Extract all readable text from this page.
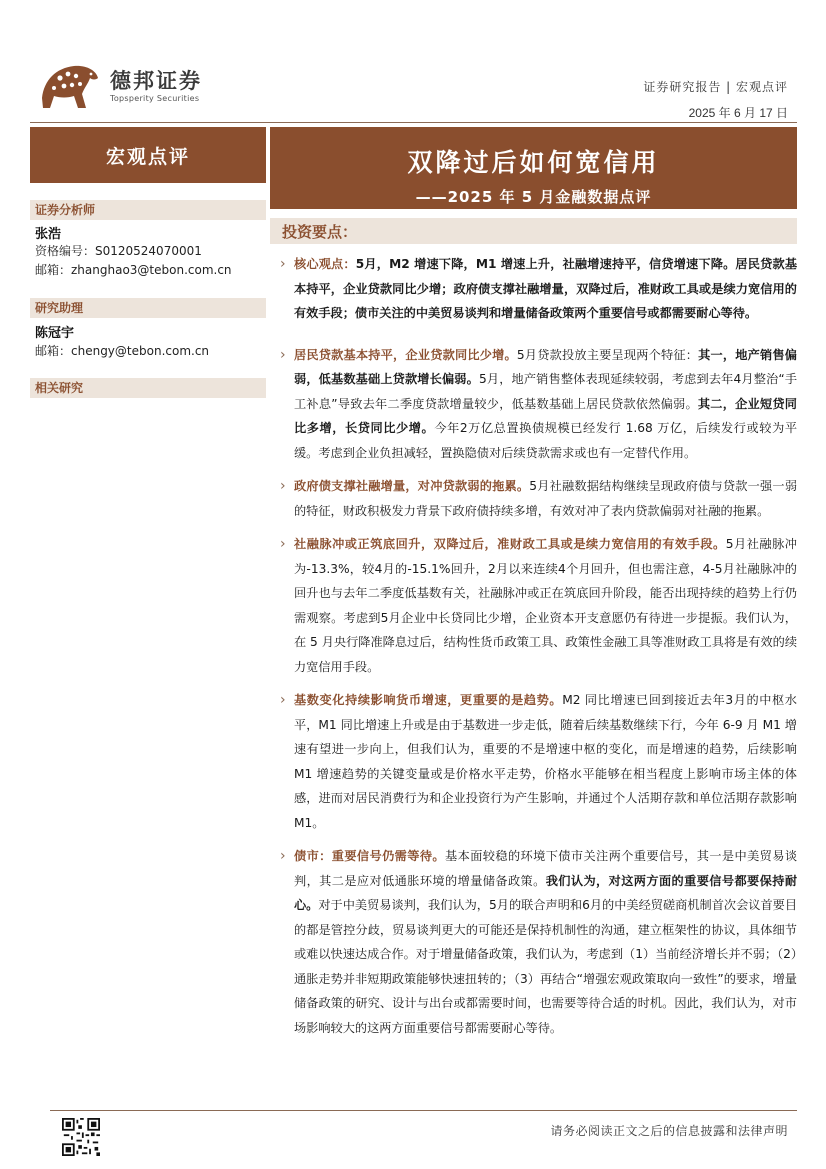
德邦证券
Topsperity Securities
证券研究报告 | 宏观点评
2025 年 6 月 17 日
宏观点评	双降过后如何宽信用
——2025 年 5 月金融数据点评
证券分析师
张浩
资格编号：S0120524070001
邮箱：zhanghao3@tebon.com.cn
研究助理
陈冠宇
邮箱：chengy@tebon.com.cn
相关研究
投资要点：
› 核心观点：5月，M2 增速下降，M1 增速上升，社融增速持平，信贷增速下降。居民贷款基本持平，企业贷款同比少增；政府债支撑社融增量，双降过后，准财政工具或是续力宽信用的有效手段；债市关注的中美贸易谈判和增量储备政策两个重要信号或都需要耐心等待。
› 居民贷款基本持平，企业贷款同比少增。5月贷款投放主要呈现两个特征：其一，地产销售偏弱，低基数基础上贷款增长偏弱。5月，地产销售整体表现延续较弱，考虑到去年4月整治“手工补息”导致去年二季度贷款增量较少，低基数基础上居民贷款依然偏弱。其二，企业短贷同比多增，长贷同比少增。今年2万亿总置换债规模已经发行 1.68 万亿，后续发行或较为平缓。考虑到企业负担减轻，置换隐债对后续贷款需求或也有一定替代作用。
› 政府债支撑社融增量，对冲贷款弱的拖累。5月社融数据结构继续呈现政府债与贷款一强一弱的特征，财政积极发力背景下政府债持续多增，有效对冲了表内贷款偏弱对社融的拖累。
› 社融脉冲或正筑底回升，双降过后，准财政工具或是续力宽信用的有效手段。5月社融脉冲为-13.3%，较4月的-15.1%回升，2月以来连续4个月回升，但也需注意，4-5月社融脉冲的回升也与去年二季度低基数有关，社融脉冲或正在筑底回升阶段，能否出现持续的趋势上行仍需观察。考虑到5月企业中长贷同比少增，企业资本开支意愿仍有待进一步提振。我们认为，在 5 月央行降准降息过后，结构性货币政策工具、政策性金融工具等准财政工具将是有效的续力宽信用手段。
› 基数变化持续影响货币增速，更重要的是趋势。M2 同比增速已回到接近去年3月的中枢水平，M1 同比增速上升或是由于基数进一步走低，随着后续基数继续下行，今年 6-9 月 M1 增速有望进一步向上，但我们认为，重要的不是增速中枢的变化，而是增速的趋势，后续影响 M1 增速趋势的关键变量或是价格水平走势，价格水平能够在相当程度上影响市场主体的体感，进而对居民消费行为和企业投资行为产生影响，并通过个人活期存款和单位活期存款影响 M1。
› 债市：重要信号仍需等待。基本面较稳的环境下债市关注两个重要信号，其一是中美贸易谈判，其二是应对低通胀环境的增量储备政策。我们认为，对这两方面的重要信号都要保持耐心。对于中美贸易谈判，我们认为，5月的联合声明和6月的中美经贸磋商机制首次会议首要目的都是管控分歧，贸易谈判更大的可能还是保持机制性的沟通，建立框架性的协议，具体细节或难以快速达成合作。对于增量储备政策，我们认为，考虑到（1）当前经济增长并不弱；（2）通胀走势并非短期政策能够快速扭转的；（3）再结合“增强宏观政策取向一致性”的要求，增量储备政策的研究、设计与出台或都需要时间，也需要等待合适的时机。因此，我们认为，对市场影响较大的这两方面重要信号都需要耐心等待。
请务必阅读正文之后的信息披露和法律声明
